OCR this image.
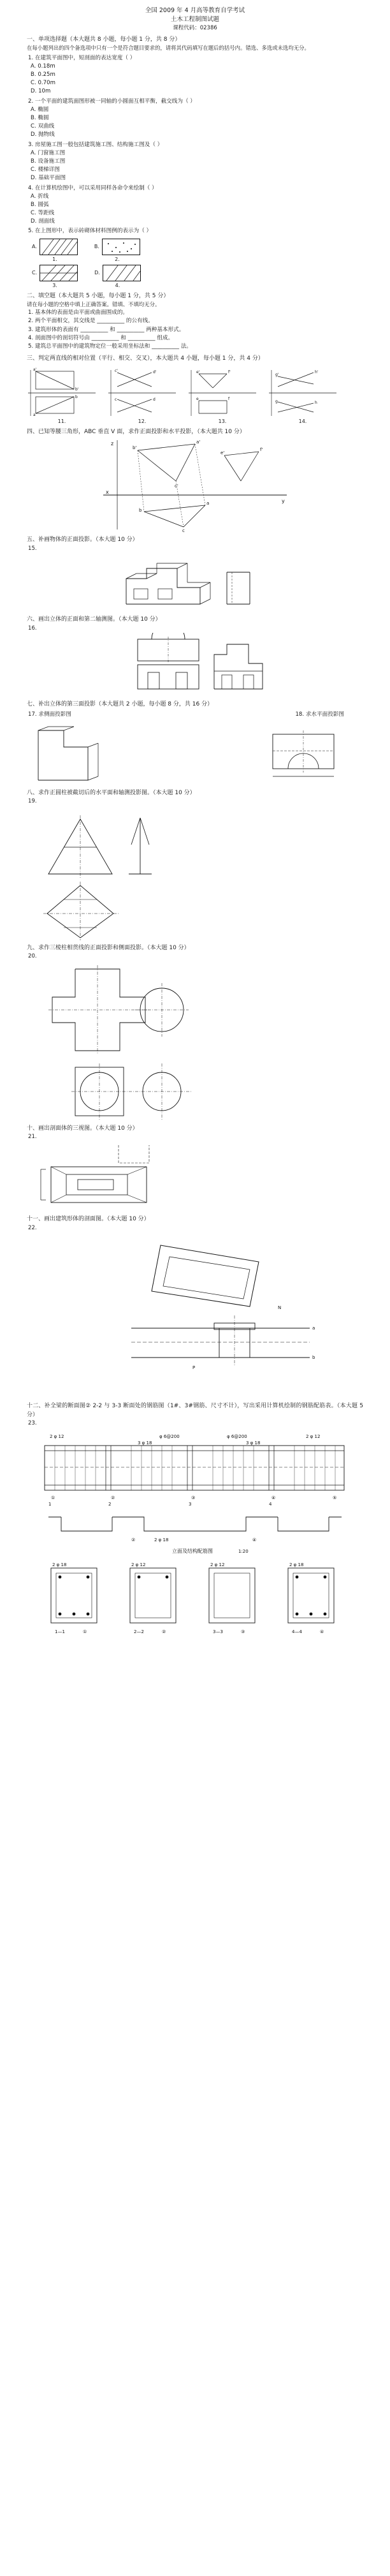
全国 2009 年 4 月高等教育自学考试
土木工程制图试题
课程代码：02386
一、单项选择题（本大题共 8 小题，每小题 1 分，共 8 分）
在每小题列出的四个备选项中只有一个是符合题目要求的，请将其代码填写在题后的括号内。错选、多选或未选均无分。
1. 在建筑平面图中，短剖面的表达宽度（ ）
A. 0.18m
B. 0.25m
C. 0.70m
D. 10m
2. 一个平面的建筑面图形被一同轴的小圆面互相平衡，截交线为（ ）
A. 椭圆
B. 椭圆
C. 双曲线
D. 抛物线
3. 房屋施工图一般包括建筑施工图、结构施工图及（ ）
A. 门窗施工图
B. 设备施工图
C. 楼梯详图
D. 基础平面图
4. 在计算机绘图中，可以采用同样各命令来绘制（ ）
A. 折线
B. 圆弧
C. 等距线
D. 剖面线
5. 在上图形中，表示砖砌体材料图例的表示为（ ）
A.
1.
B.
2.
C.
3.
D.
4.
二、填空题（本大题共 5 小题，每小题 1 分，共 5 分）
请在每小题的空格中填上正确答案。错填、不填均无分。
1. 基本体的表面是由平面或曲面围成的。
2. 两个平面相交，其交线是 __________ 的公有线。
3. 建筑形体的表面有 __________ 和 __________ 两种基本形式。
4. 剖面图中的剖切符号由 __________ 和 __________ 组成。
5. 建筑总平面图中的建筑物定位一般采用坐标法和 __________ 法。
三、判定两直线的相对位置（平行、相交、交叉），本大题共 4 小题，每小题 1 分，共 4 分）
a'
b'
a
b
11.
c'	d'
c	d
12.
e'	f'
e	f
13.
g'
h'
g	h
14.
四、已知等腰三角形，ABC 垂直 V 面，求作正面投影和水平投影，（本大题共 10 分）
x
z
y
b'
a'
c'
b
a
c
e'
f'
五、补画物体的正面投影。（本大题 10 分）
15.
六、画出立体的正面和第二轴测图。（本大题 10 分）
16.
七、补出立体的第三面投影（本大题共 2 小题，每小题 8 分，共 16 分）
17. 求侧面投影图	18. 求水平面投影图
八、求作正圆柱被截切后的水平面和轴测投影图。（本大题 10 分）
19.
九、求作三棱柱相贯线的正面投影和侧面投影。（本大题 10 分）
20.
十、画出剖面体的三视图。（本大题 10 分）
21.
十一、画出建筑形体的剖面图。（本大题 10 分）
22.
a
b
N
P
十二、补全梁的断面图② 2-2 与 3-3 断面处的钢筋图（1#、3#钢筋、尺寸不计），写出采用计算机绘制的钢筋配筋表。（本大题 5 分）
23.
2 φ 12	φ 6@200	φ 6@200	2 φ 12
3 φ 18	3 φ 18
①	②	③	④	⑤
1	2	3	4
②	2 φ 18	④
立面及结构配筋图	1:20
2 φ 18
1—1	①
2 φ 12
2—2	②
2 φ 12
3—3	③
2 φ 18
4—4	④
